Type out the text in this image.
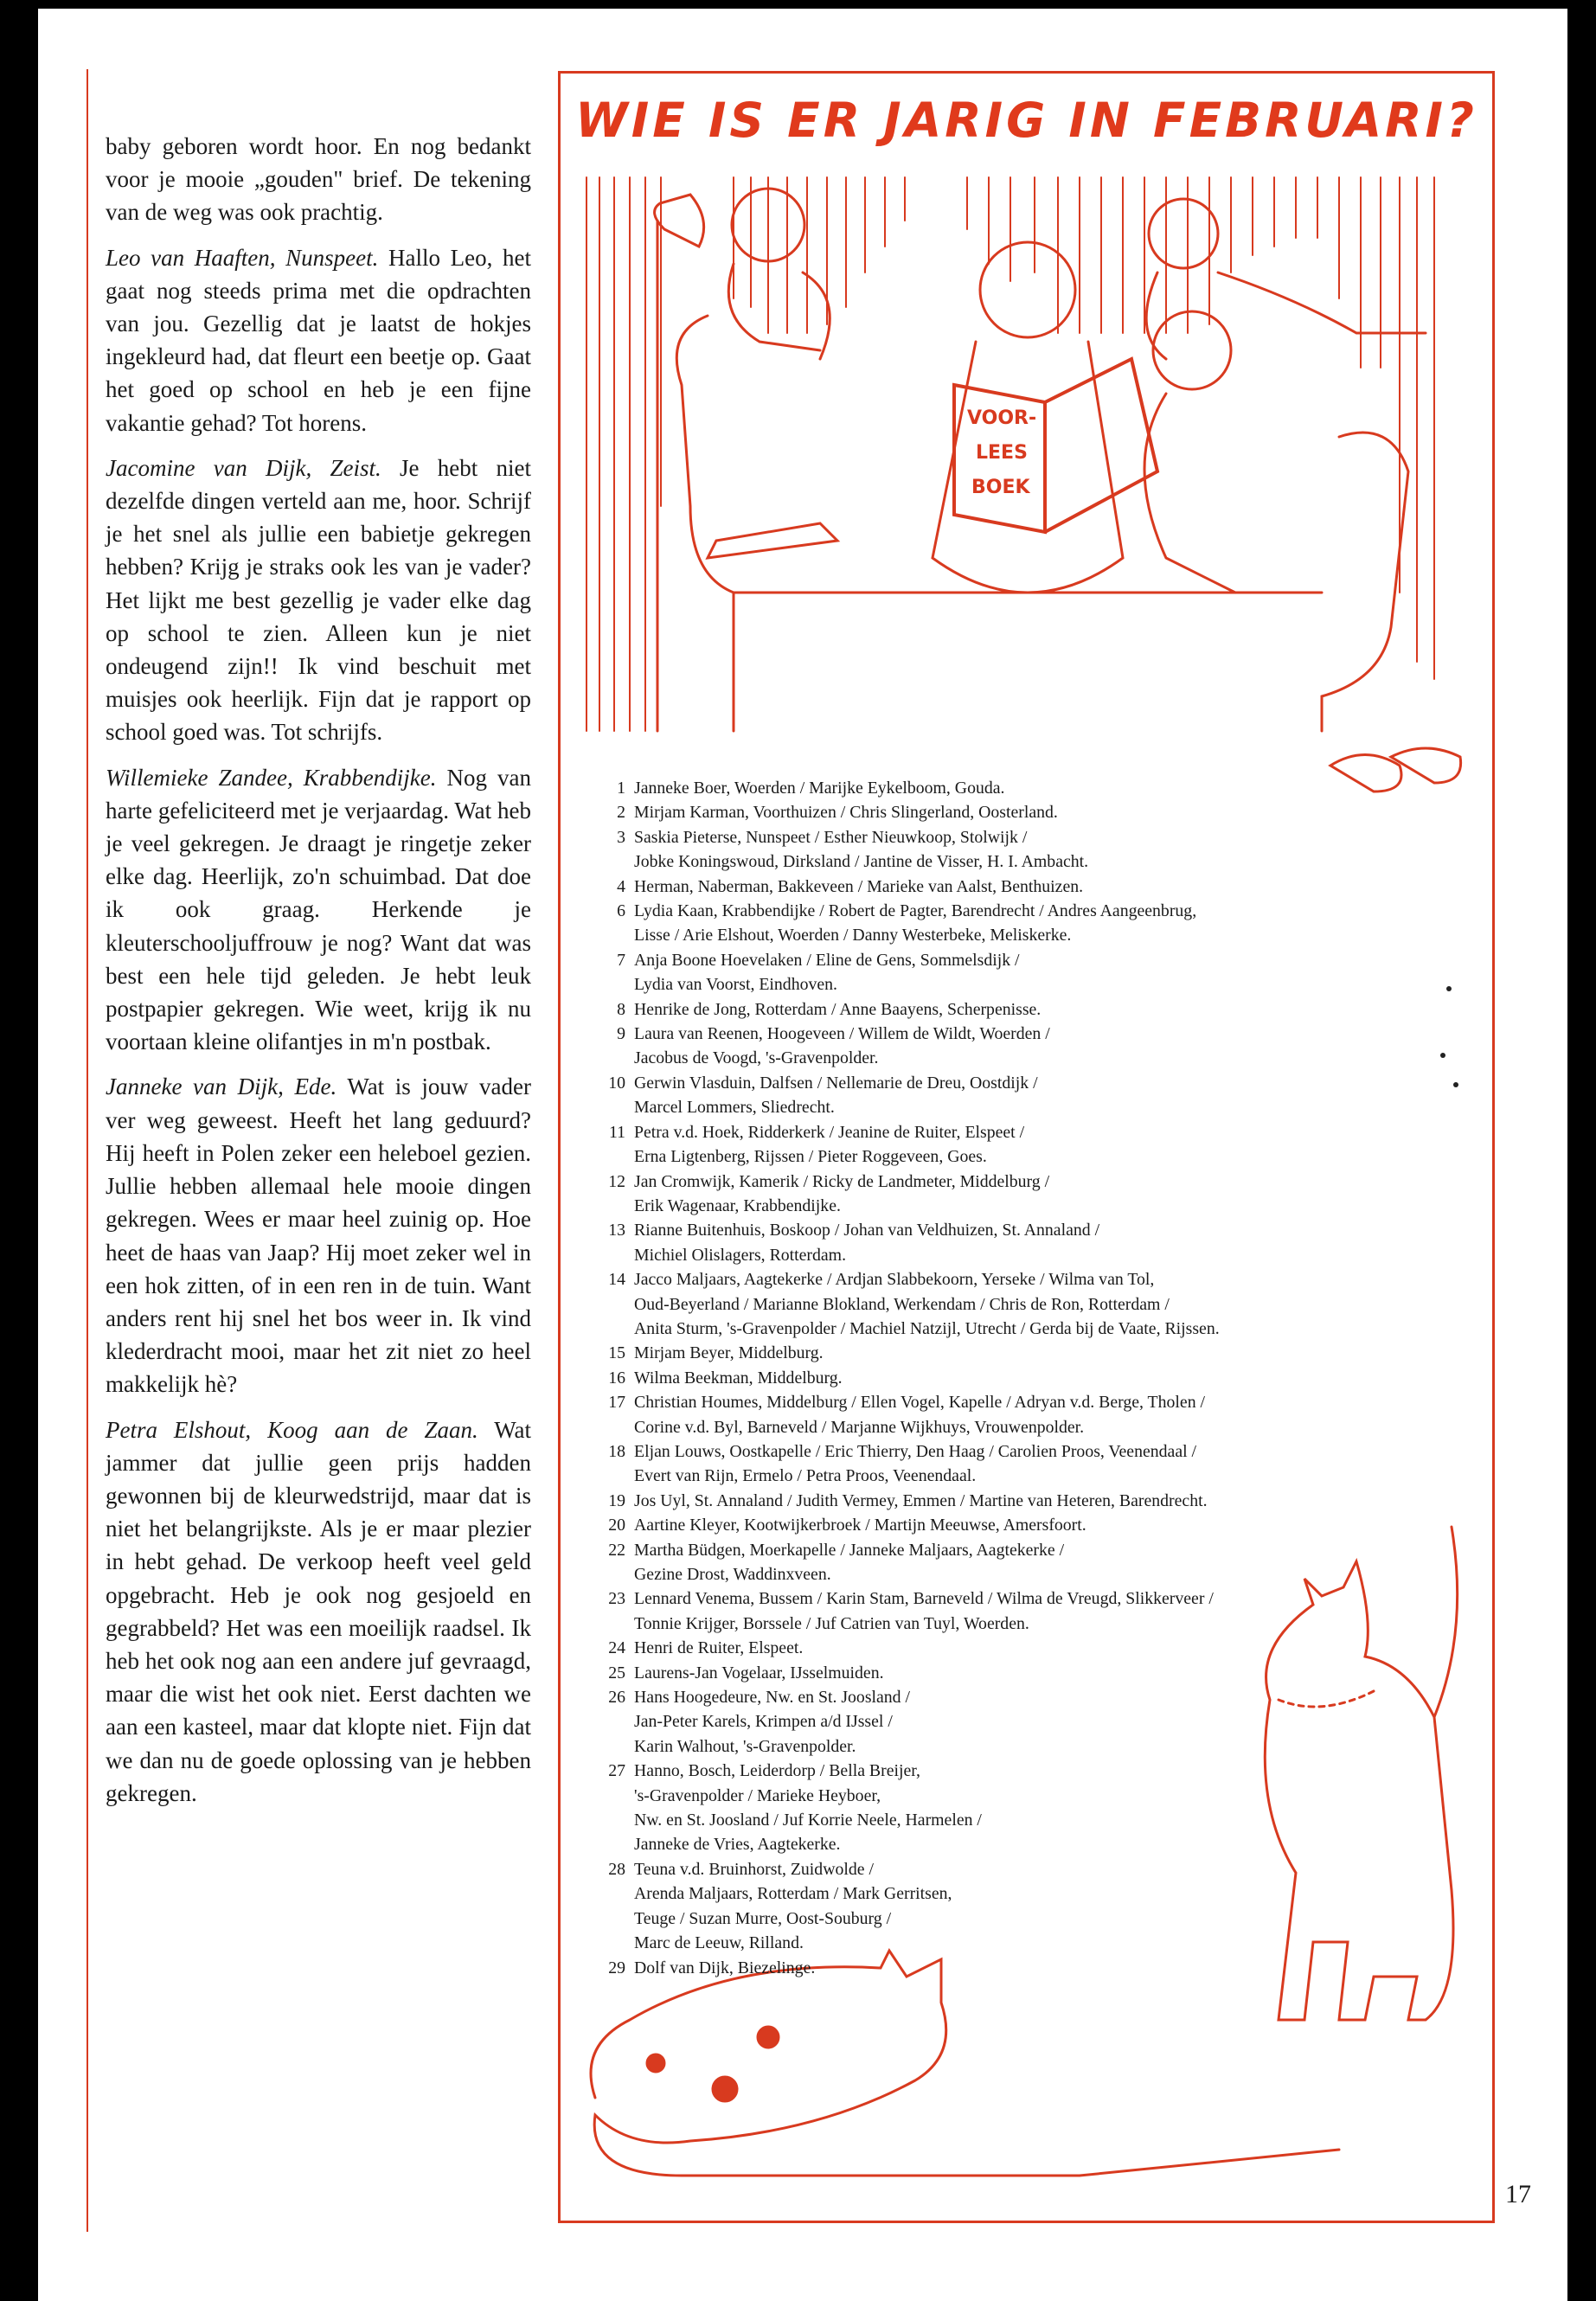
baby geboren wordt hoor. En nog bedankt voor je mooie „gouden" brief. De tekening van de weg was ook prachtig.

Leo van Haaften, Nunspeet. Hallo Leo, het gaat nog steeds prima met die opdrachten van jou. Gezellig dat je laatst de hokjes ingekleurd had, dat fleurt een beetje op. Gaat het goed op school en heb je een fijne vakantie gehad? Tot horens.

Jacomine van Dijk, Zeist. Je hebt niet dezelfde dingen verteld aan me, hoor. Schrijf je het snel als jullie een babietje gekregen hebben? Krijg je straks ook les van je vader? Het lijkt me best gezellig je vader elke dag op school te zien. Alleen kun je niet ondeugend zijn!! Ik vind beschuit met muisjes ook heerlijk. Fijn dat je rapport op school goed was. Tot schrijfs.

Willemieke Zandee, Krabbendijke. Nog van harte gefeliciteerd met je verjaardag. Wat heb je veel gekregen. Je draagt je ringetje zeker elke dag. Heerlijk, zo'n schuimbad. Dat doe ik ook graag. Herkende je kleuterschooljuffrouw je nog? Want dat was best een hele tijd geleden. Je hebt leuk postpapier gekregen. Wie weet, krijg ik nu voortaan kleine olifantjes in m'n postbak.

Janneke van Dijk, Ede. Wat is jouw vader ver weg geweest. Heeft het lang geduurd? Hij heeft in Polen zeker een heleboel gezien. Jullie hebben allemaal hele mooie dingen gekregen. Wees er maar heel zuinig op. Hoe heet de haas van Jaap? Hij moet zeker wel in een hok zitten, of in een ren in de tuin. Want anders rent hij snel het bos weer in. Ik vind klederdracht mooi, maar het zit niet zo heel makkelijk hè?

Petra Elshout, Koog aan de Zaan. Wat jammer dat jullie geen prijs hadden gewonnen bij de kleurwedstrijd, maar dat is niet het belangrijkste. Als je er maar plezier in hebt gehad. De verkoop heeft veel geld opgebracht. Heb je ook nog gesjoeld en gegrabbeld? Het was een moeilijk raadsel. Ik heb het ook nog aan een andere juf gevraagd, maar die wist het ook niet. Eerst dachten we aan een kasteel, maar dat klopte niet. Fijn dat we dan nu de goede oplossing van je hebben gekregen.

WIE IS ER JARIG IN FEBRUARI?
VOOR-
LEES
BOEK
1 Janneke Boer, Woerden / Marijke Eykelboom, Gouda.
2 Mirjam Karman, Voorthuizen / Chris Slingerland, Oosterland.
3 Saskia Pieterse, Nunspeet / Esther Nieuwkoop, Stolwijk /
Jobke Koningswoud, Dirksland / Jantine de Visser, H. I. Ambacht.
4 Herman, Naberman, Bakkeveen / Marieke van Aalst, Benthuizen.
6 Lydia Kaan, Krabbendijke / Robert de Pagter, Barendrecht / Andres Aangeenbrug,
Lisse / Arie Elshout, Woerden / Danny Westerbeke, Meliskerke.
7 Anja Boone Hoevelaken / Eline de Gens, Sommelsdijk /
Lydia van Voorst, Eindhoven.
8 Henrike de Jong, Rotterdam / Anne Baayens, Scherpenisse.
9 Laura van Reenen, Hoogeveen / Willem de Wildt, Woerden /
Jacobus de Voogd, 's-Gravenpolder.
10 Gerwin Vlasduin, Dalfsen / Nellemarie de Dreu, Oostdijk /
Marcel Lommers, Sliedrecht.
11 Petra v.d. Hoek, Ridderkerk / Jeanine de Ruiter, Elspeet /
Erna Ligtenberg, Rijssen / Pieter Roggeveen, Goes.
12 Jan Cromwijk, Kamerik / Ricky de Landmeter, Middelburg /
Erik Wagenaar, Krabbendijke.
13 Rianne Buitenhuis, Boskoop / Johan van Veldhuizen, St. Annaland /
Michiel Olislagers, Rotterdam.
14 Jacco Maljaars, Aagtekerke / Ardjan Slabbekoorn, Yerseke / Wilma van Tol,
Oud-Beyerland / Marianne Blokland, Werkendam / Chris de Ron, Rotterdam /
Anita Sturm, 's-Gravenpolder / Machiel Natzijl, Utrecht / Gerda bij de Vaate, Rijssen.
15 Mirjam Beyer, Middelburg.
16 Wilma Beekman, Middelburg.
17 Christian Houmes, Middelburg / Ellen Vogel, Kapelle / Adryan v.d. Berge, Tholen /
Corine v.d. Byl, Barneveld / Marjanne Wijkhuys, Vrouwenpolder.
18 Eljan Louws, Oostkapelle / Eric Thierry, Den Haag / Carolien Proos, Veenendaal /
Evert van Rijn, Ermelo / Petra Proos, Veenendaal.
19 Jos Uyl, St. Annaland / Judith Vermey, Emmen / Martine van Heteren, Barendrecht.
20 Aartine Kleyer, Kootwijkerbroek / Martijn Meeuwse, Amersfoort.
22 Martha Büdgen, Moerkapelle / Janneke Maljaars, Aagtekerke /
Gezine Drost, Waddinxveen.
23 Lennard Venema, Bussem / Karin Stam, Barneveld / Wilma de Vreugd, Slikkerveer /
Tonnie Krijger, Borssele / Juf Catrien van Tuyl, Woerden.
24 Henri de Ruiter, Elspeet.
25 Laurens-Jan Vogelaar, IJsselmuiden.
26 Hans Hoogedeure, Nw. en St. Joosland /
Jan-Peter Karels, Krimpen a/d IJssel /
Karin Walhout, 's-Gravenpolder.
27 Hanno, Bosch, Leiderdorp / Bella Breijer,
's-Gravenpolder / Marieke Heyboer,
Nw. en St. Joosland / Juf Korrie Neele, Harmelen /
Janneke de Vries, Aagtekerke.
28 Teuna v.d. Bruinhorst, Zuidwolde /
Arenda Maljaars, Rotterdam / Mark Gerritsen,
Teuge / Suzan Murre, Oost-Souburg /
Marc de Leeuw, Rilland.
29 Dolf van Dijk, Biezelinge.
17
